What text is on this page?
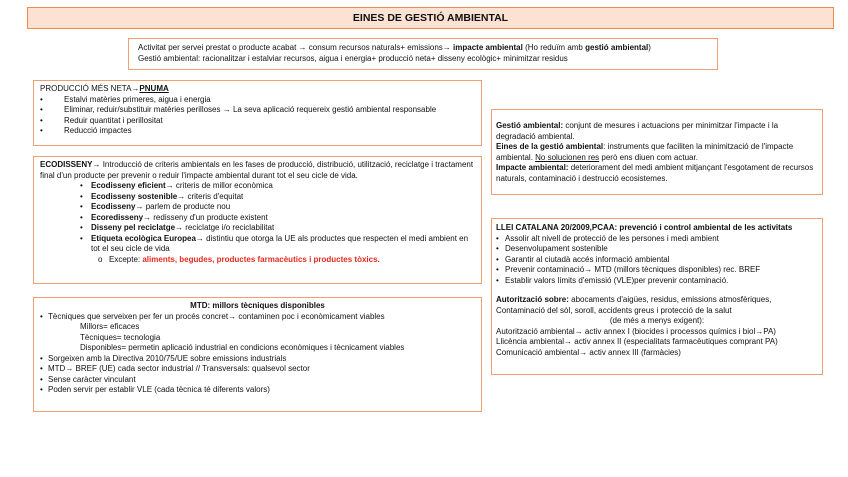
EINES DE GESTIÓ AMBIENTAL
Activitat per servei prestat o producte acabat → consum recursos naturals+ emissions→ impacte ambiental (Ho reduïm amb gestió ambiental)
Gestió ambiental: racionalitzar i estalviar recursos, aigua i energia+ producció neta+ disseny ecològic+ minimitzar residus
PRODUCCIÓ MÉS NETA→PNUMA
•	Estalvi matèries primeres, aigua i energia
•	Eliminar, reduir/substituir matèries perilloses → La seva aplicació requereix gestió ambiental responsable
•	Reduir quantitat i perillositat
•	Reducció impactes
ECODISSENY→ Introducció de criteris ambientals en les fases de producció, distribució, utilització, reciclatge i tractament final d'un producte per prevenir o reduir l'impacte ambiental durant tot el seu cicle de vida.
•	Ecodisseny eficient→ criteris de millor econòmica
•	Ecodisseny sostenible→ criteris d'equitat
•	Ecodisseny→ parlem de producte nou
•	Ecoredisseny→ redisseny d'un producte existent
•	Disseny pel reciclatge→ reciclatge i/o reciclabilitat
•	Etiqueta ecològica Europea→ distintiu que otorga la UE als productes que respecten el medi ambient en tot el seu cicle de vida
o Excepte: aliments, begudes, productes farmacèutics i productes tòxics.
MTD: millors tècniques disponibles
• Tècniques que serveixen per fer un procés concret→ contaminen poc i econòmicament viables
Millors= eficaces
Tècniques= tecnologia
Disponibles= permetin aplicació industrial en condicions econòmiques i tècnicament viables
• Sorgeixen amb la Directiva 2010/75/UE sobre emissions industrials
• MTD→ BREF (UE) cada sector industrial // Transversals: qualsevol sector
• Sense caràcter vinculant
• Poden servir per establir VLE (cada tècnica té diferents valors)
Gestió ambiental: conjunt de mesures i actuacions per minimitzar l'impacte i la degradació ambiental.
Eines de la gestió ambiental: instruments que faciliten la minimització de l'impacte ambiental. No solucionen res però ens diuen com actuar.
Impacte ambiental: deteriorament del medi ambient mitjançant l'esgotament de recursos naturals, contaminació i destrucció ecosistemes.
LLEI CATALANA 20/2009,PCAA: prevenció i control ambiental de les activitats
• Assolir alt nivell de protecció de les persones i medi ambient
• Desenvolupament sostenible
• Garantir al ciutadà accés informació ambiental
• Prevenir contaminació→ MTD (millors tècniques disponibles) rec. BREF
• Establir valors límits d'emissió (VLE)per prevenir contaminació.
Autorització sobre: abocaments d'aigües, residus, emissions atmosfèriques, Contaminació del sòl, soroll, accidents greus i protecció de la salut
(de més a menys exigent):
Autorització ambiental→ activ annex I (biocides i processos químics i biol→PA)
Llicència ambiental→ activ annex II (especialitats farmacèutiques comprant PA)
Comunicació ambiental→ activ annex III (farmàcies)
